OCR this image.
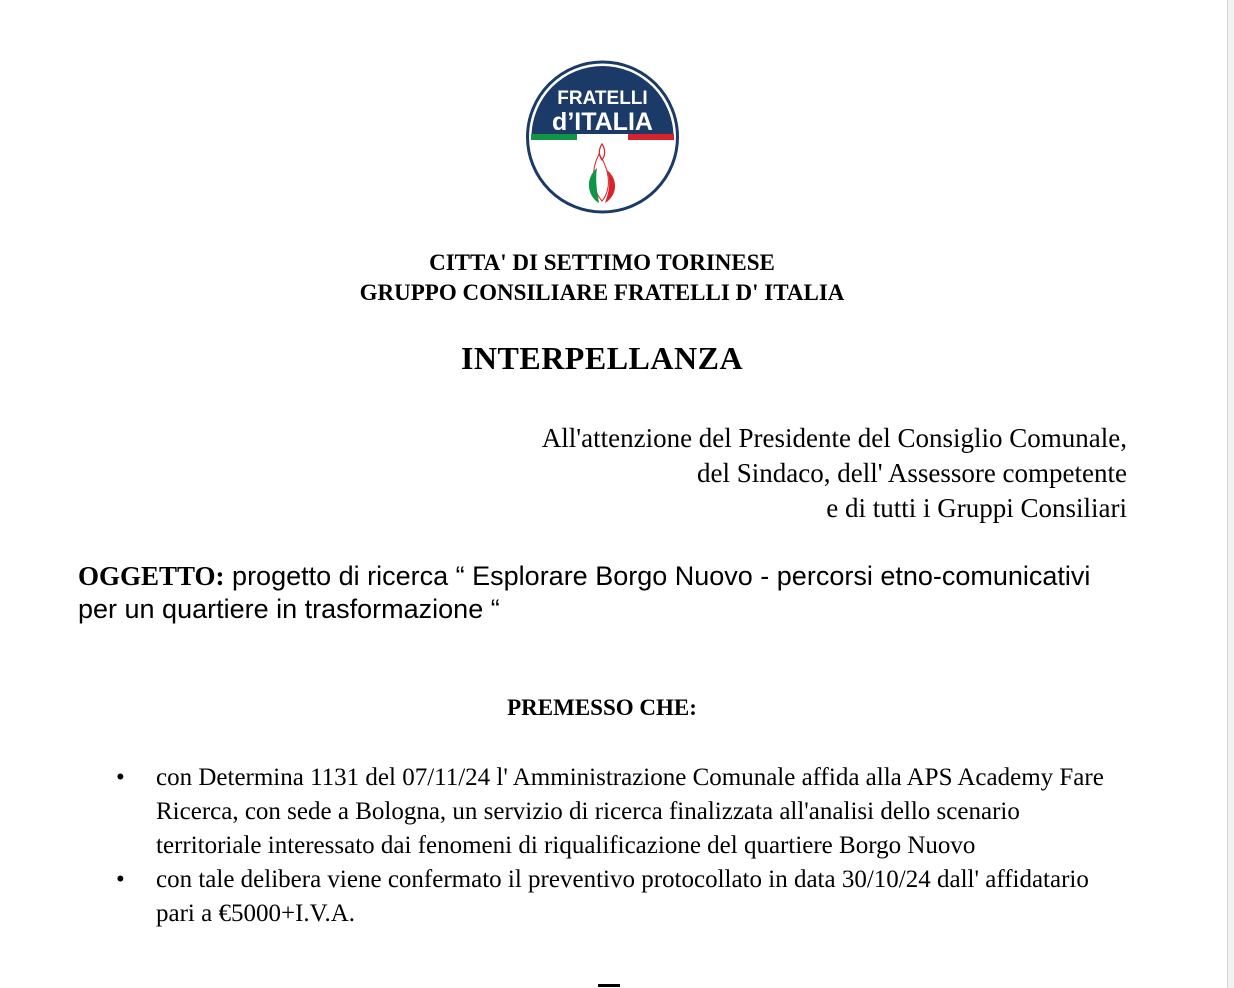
FRATELLI
d’ITALIA
CITTA' DI SETTIMO TORINESE
GRUPPO CONSILIARE FRATELLI D' ITALIA
INTERPELLANZA
All'attenzione del Presidente del Consiglio Comunale,
del Sindaco, dell' Assessore competente
e di tutti i Gruppi Consiliari
OGGETTO: progetto di ricerca “ Esplorare Borgo Nuovo - percorsi etno-comunicativi per un quartiere in trasformazione “
PREMESSO CHE:
•	con Determina 1131 del 07/11/24 l' Amministrazione Comunale affida alla APS Academy Fare Ricerca, con sede a Bologna, un servizio di ricerca finalizzata all'analisi dello scenario territoriale interessato dai fenomeni di riqualificazione del quartiere Borgo Nuovo
•	con tale delibera viene confermato il preventivo protocollato in data 30/10/24 dall' affidatario pari a €5000+I.V.A.
